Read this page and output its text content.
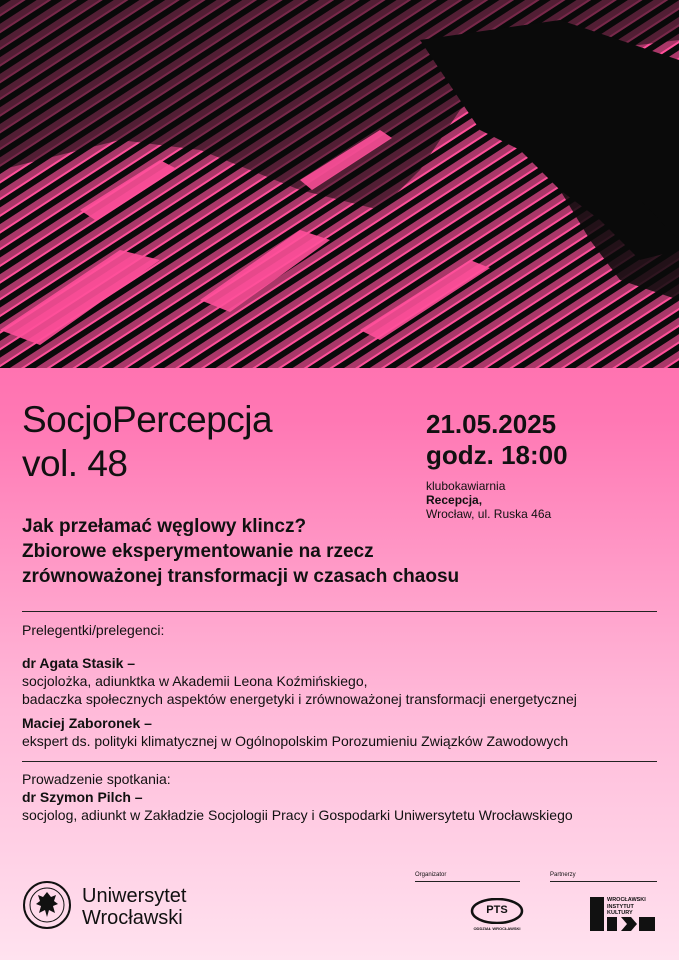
SocjoPercepcja
vol. 48
21.05.2025
godz. 18:00
klubokawiarnia
Recepcja,
Wrocław, ul. Ruska 46a
Jak przełamać węglowy klincz?
Zbiorowe eksperymentowanie na rzecz
zrównoważonej transformacji w czasach chaosu
Prelegentki/prelegenci:
dr Agata Stasik –
socjolożka, adiunktka w Akademii Leona Koźmińskiego,
badaczka społecznych aspektów energetyki i zrównoważonej transformacji energetycznej
Maciej Zaboronek –
ekspert ds. polityki klimatycznej w Ogólnopolskim Porozumieniu Związków Zawodowych
Prowadzenie spotkania:
dr Szymon Pilch –
socjolog, adiunkt w Zakładzie Socjologii Pracy i Gospodarki Uniwersytetu Wrocławskiego
Uniwersytet
Wrocławski
Organizator
PTS
ODDZIAŁ WROCŁAWSKI
Partnerzy
WROCŁAWSKI
INSTYTUT
KULTURY
